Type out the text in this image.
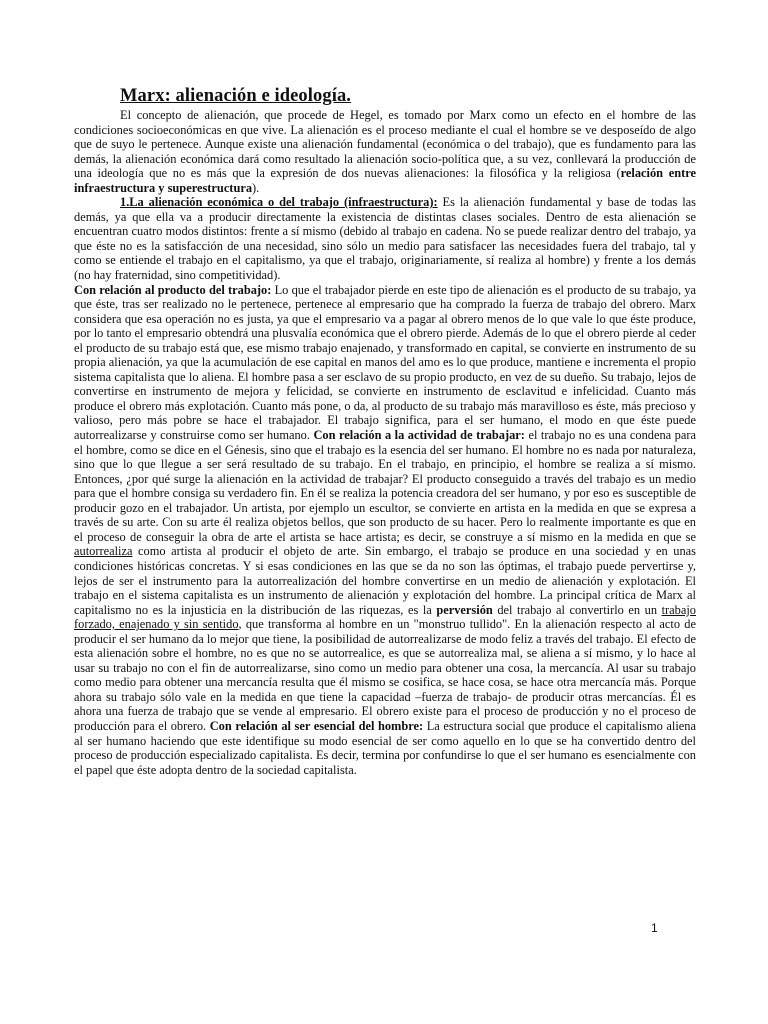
Marx: alienación e ideología.

El concepto de alienación, que procede de Hegel, es tomado por Marx como un efecto en el hombre de las condiciones socioeconómicas en que vive. La alienación es el proceso mediante el cual el hombre se ve desposeído de algo que de suyo le pertenece. Aunque existe una alienación fundamental (económica o del trabajo), que es fundamento para las demás, la alienación económica dará como resultado la alienación socio-política que, a su vez, conllevará la producción de una ideología que no es más que la expresión de dos nuevas alienaciones: la filosófica y la religiosa (relación entre infraestructura y superestructura).

1.La alienación económica o del trabajo (infraestructura): Es la alienación fundamental y base de todas las demás, ya que ella va a producir directamente la existencia de distintas clases sociales. Dentro de esta alienación se encuentran cuatro modos distintos: frente a sí mismo (debido al trabajo en cadena. No se puede realizar dentro del trabajo, ya que éste no es la satisfacción de una necesidad, sino sólo un medio para satisfacer las necesidades fuera del trabajo, tal y como se entiende el trabajo en el capitalismo, ya que el trabajo, originariamente, sí realiza al hombre) y frente a los demás (no hay fraternidad, sino competitividad).

Con relación al producto del trabajo: Lo que el trabajador pierde en este tipo de alienación es el producto de su trabajo, ya que éste, tras ser realizado no le pertenece, pertenece al empresario que ha comprado la fuerza de trabajo del obrero. Marx considera que esa operación no es justa, ya que el empresario va a pagar al obrero menos de lo que vale lo que éste produce, por lo tanto el empresario obtendrá una plusvalía económica que el obrero pierde. Además de lo que el obrero pierde al ceder el producto de su trabajo está que, ese mismo trabajo enajenado, y transformado en capital, se convierte en instrumento de su propia alienación, ya que la acumulación de ese capital en manos del amo es lo que produce, mantiene e incrementa el propio sistema capitalista que lo aliena. El hombre pasa a ser esclavo de su propio producto, en vez de su dueño. Su trabajo, lejos de convertirse en instrumento de mejora y felicidad, se convierte en instrumento de esclavitud e infelicidad. Cuanto más produce el obrero más explotación. Cuanto más pone, o da, al producto de su trabajo más maravilloso es éste, más precioso y valioso, pero más pobre se hace el trabajador. El trabajo significa, para el ser humano, el modo en que éste puede autorrealizarse y construirse como ser humano. Con relación a la actividad de trabajar: el trabajo no es una condena para el hombre, como se dice en el Génesis, sino que el trabajo es la esencia del ser humano. El hombre no es nada por naturaleza, sino que lo que llegue a ser será resultado de su trabajo. En el trabajo, en principio, el hombre se realiza a sí mismo. Entonces, ¿por qué surge la alienación en la actividad de trabajar? El producto conseguido a través del trabajo es un medio para que el hombre consiga su verdadero fin. En él se realiza la potencia creadora del ser humano, y por eso es susceptible de producir gozo en el trabajador. Un artista, por ejemplo un escultor, se convierte en artista en la medida en que se expresa a través de su arte. Con su arte él realiza objetos bellos, que son producto de su hacer. Pero lo realmente importante es que en el proceso de conseguir la obra de arte el artista se hace artista; es decir, se construye a sí mismo en la medida en que se autorrealiza como artista al producir el objeto de arte. Sin embargo, el trabajo se produce en una sociedad y en unas condiciones históricas concretas. Y si esas condiciones en las que se da no son las óptimas, el trabajo puede pervertirse y, lejos de ser el instrumento para la autorrealización del hombre convertirse en un medio de alienación y explotación. El trabajo en el sistema capitalista es un instrumento de alienación y explotación del hombre. La principal crítica de Marx al capitalismo no es la injusticia en la distribución de las riquezas, es la perversión del trabajo al convertirlo en un trabajo forzado, enajenado y sin sentido, que transforma al hombre en un "monstruo tullido". En la alienación respecto al acto de producir el ser humano da lo mejor que tiene, la posibilidad de autorrealizarse de modo feliz a través del trabajo. El efecto de esta alienación sobre el hombre, no es que no se autorrealice, es que se autorrealiza mal, se aliena a sí mismo, y lo hace al usar su trabajo no con el fin de autorrealizarse, sino como un medio para obtener una cosa, la mercancía. Al usar su trabajo como medio para obtener una mercancía resulta que él mismo se cosifica, se hace cosa, se hace otra mercancía más. Porque ahora su trabajo sólo vale en la medida en que tiene la capacidad –fuerza de trabajo- de producir otras mercancías. Él es ahora una fuerza de trabajo que se vende al empresario. El obrero existe para el proceso de producción y no el proceso de producción para el obrero. Con relación al ser esencial del hombre: La estructura social que produce el capitalismo aliena al ser humano haciendo que este identifique su modo esencial de ser como aquello en lo que se ha convertido dentro del proceso de producción especializado capitalista. Es decir, termina por confundirse lo que el ser humano es esencialmente con el papel que éste adopta dentro de la sociedad capitalista.

1
